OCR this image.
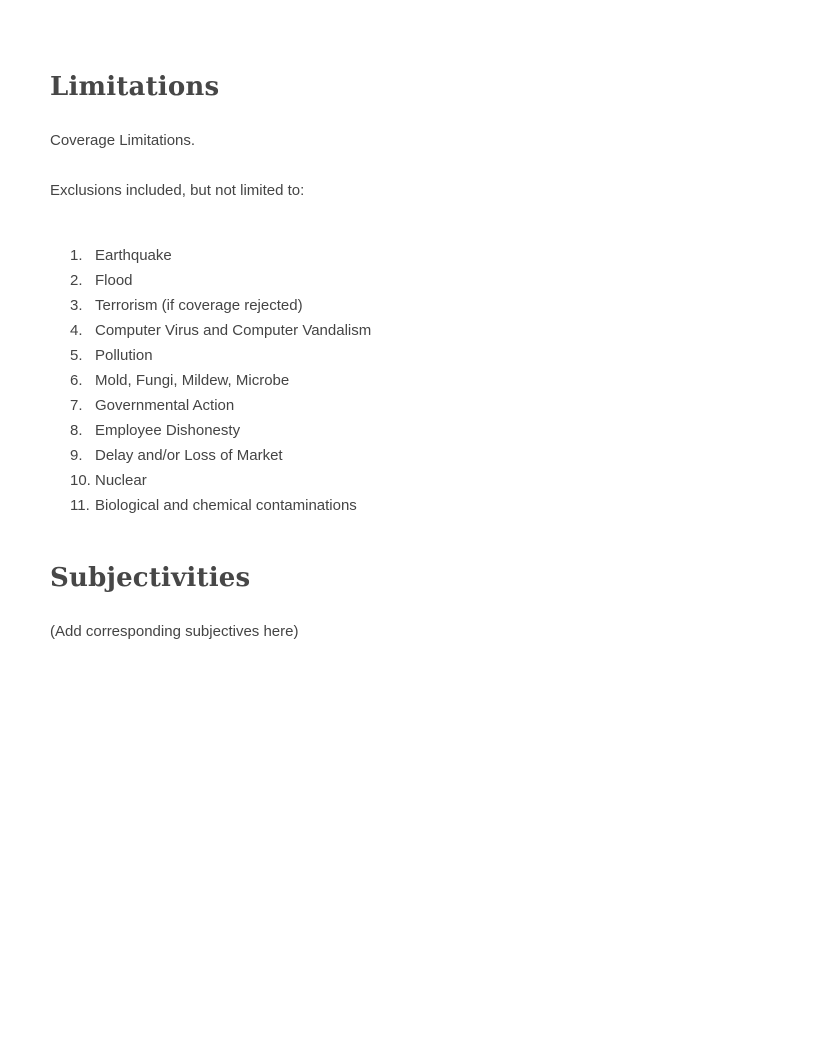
Limitations

Coverage Limitations.

Exclusions included, but not limited to:

1. Earthquake
2. Flood
3. Terrorism (if coverage rejected)
4. Computer Virus and Computer Vandalism
5. Pollution
6. Mold, Fungi, Mildew, Microbe
7. Governmental Action
8. Employee Dishonesty
9. Delay and/or Loss of Market
10. Nuclear
11. Biological and chemical contaminations
Subjectivities

(Add corresponding subjectives here)
